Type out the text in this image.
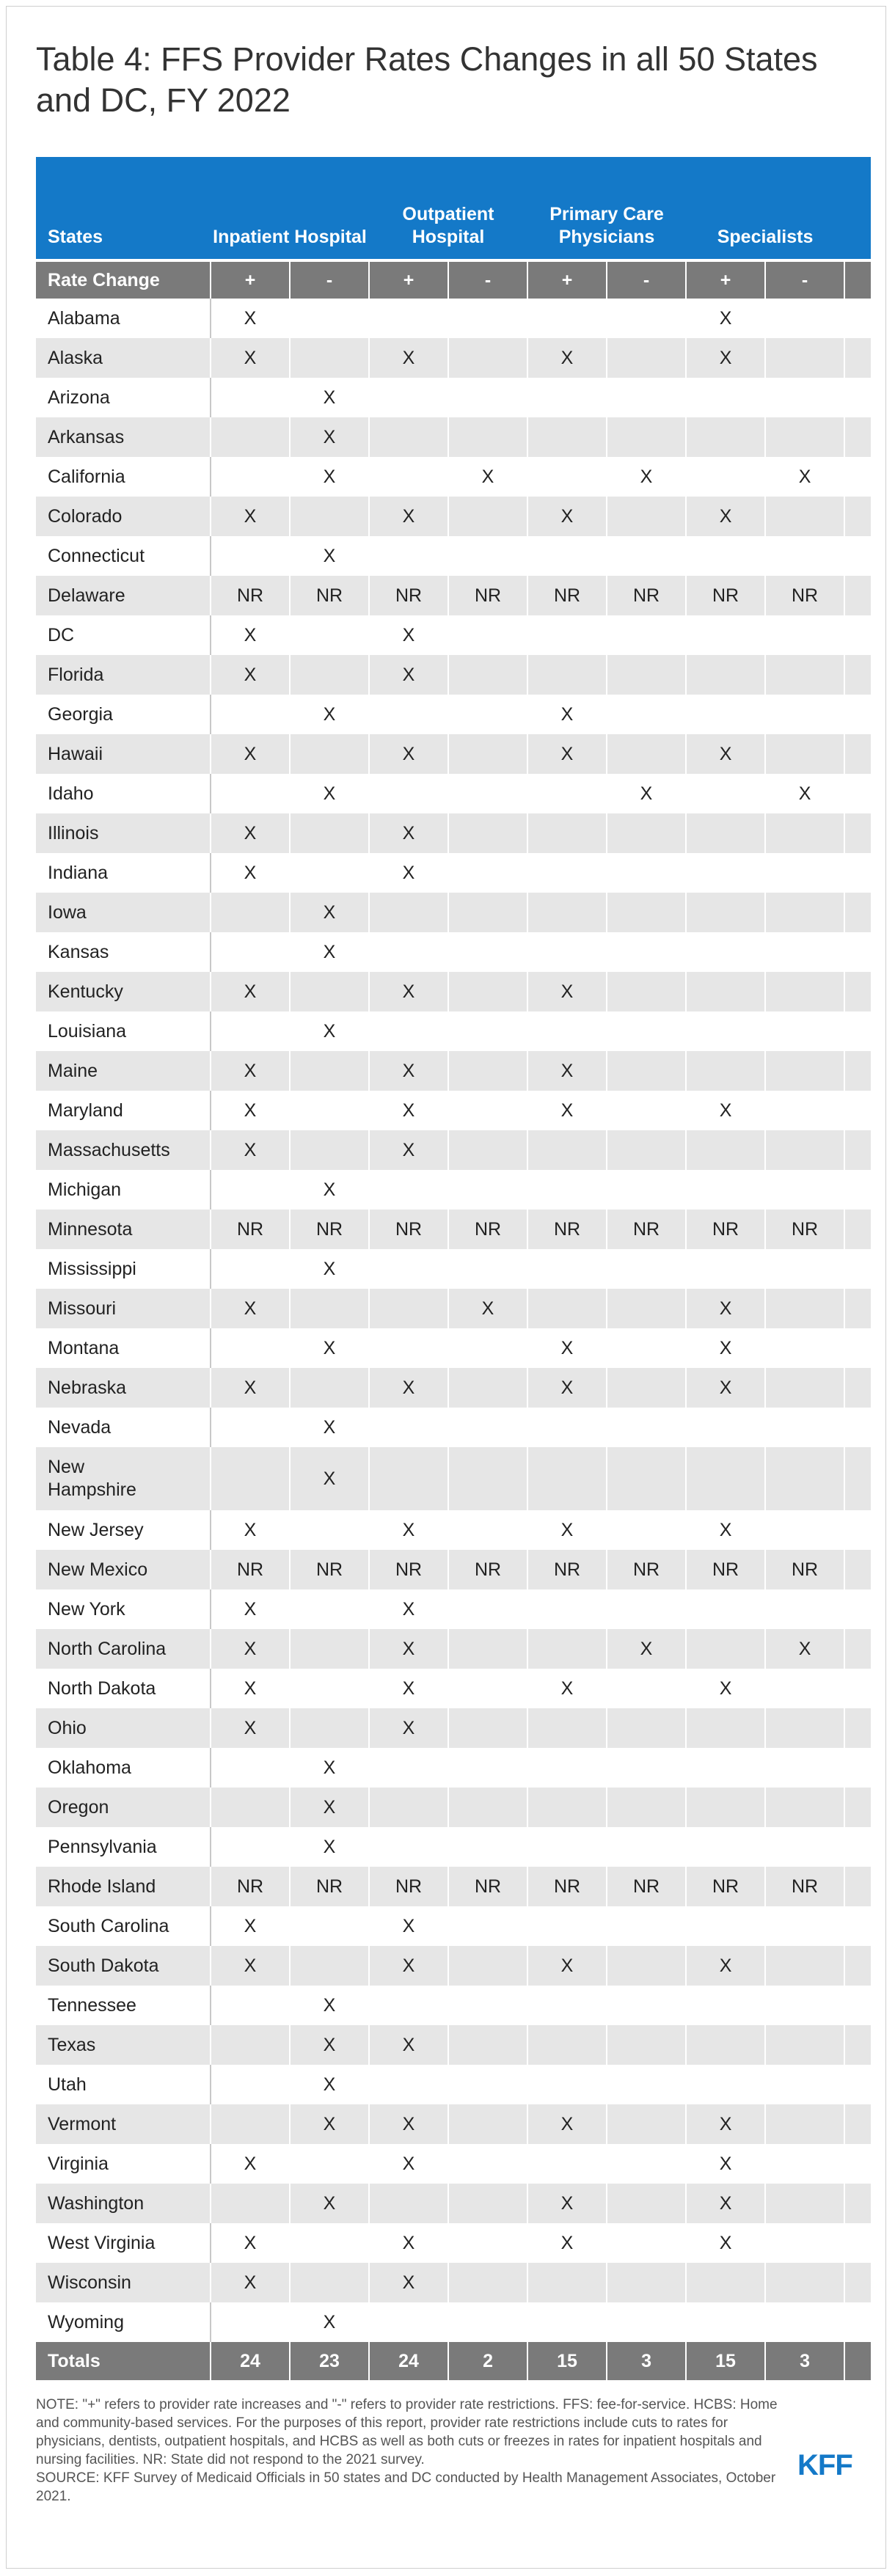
Table 4: FFS Provider Rates Changes in all 50 States and DC, FY 2022
States	Inpatient Hospital		Outpatient Hospital		Primary Care Physicians		Specialists		
Rate Change	+	-	+	-	+	-	+	-	
Alabama	X						X		
Alaska	X		X		X		X		
Arizona		X							
Arkansas		X							
California		X		X		X		X	
Colorado	X		X		X		X		
Connecticut		X							
Delaware	NR	NR	NR	NR	NR	NR	NR	NR	
DC	X		X						
Florida	X		X						
Georgia		X			X				
Hawaii	X		X		X		X		
Idaho		X				X		X	
Illinois	X		X						
Indiana	X		X						
Iowa		X							
Kansas		X							
Kentucky	X		X		X				
Louisiana		X							
Maine	X		X		X				
Maryland	X		X		X		X		
Massachusetts	X		X						
Michigan		X							
Minnesota	NR	NR	NR	NR	NR	NR	NR	NR	
Mississippi		X							
Missouri	X			X			X		
Montana		X			X		X		
Nebraska	X		X		X		X		
Nevada		X							
New
Hampshire		X							
New Jersey	X		X		X		X		
New Mexico	NR	NR	NR	NR	NR	NR	NR	NR	
New York	X		X						
North Carolina	X		X			X		X	
North Dakota	X		X		X		X		
Ohio	X		X						
Oklahoma		X							
Oregon		X							
Pennsylvania		X							
Rhode Island	NR	NR	NR	NR	NR	NR	NR	NR	
South Carolina	X		X						
South Dakota	X		X		X		X		
Tennessee		X							
Texas		X	X						
Utah		X							
Vermont		X	X		X		X		
Virginia	X		X				X		
Washington		X			X		X		
West Virginia	X		X		X		X		
Wisconsin	X		X						
Wyoming		X							
Totals	24	23	24	2	15	3	15	3	
NOTE: "+" refers to provider rate increases and "-" refers to provider rate restrictions. FFS: fee-for-service. HCBS: Home and community-based services. For the purposes of this report, provider rate restrictions include cuts to rates for physicians, dentists, outpatient hospitals, and HCBS as well as both cuts or freezes in rates for inpatient hospitals and nursing facilities. NR: State did not respond to the 2021 survey.
SOURCE: KFF Survey of Medicaid Officials in 50 states and DC conducted by Health Management Associates, October 2021.
KFF
